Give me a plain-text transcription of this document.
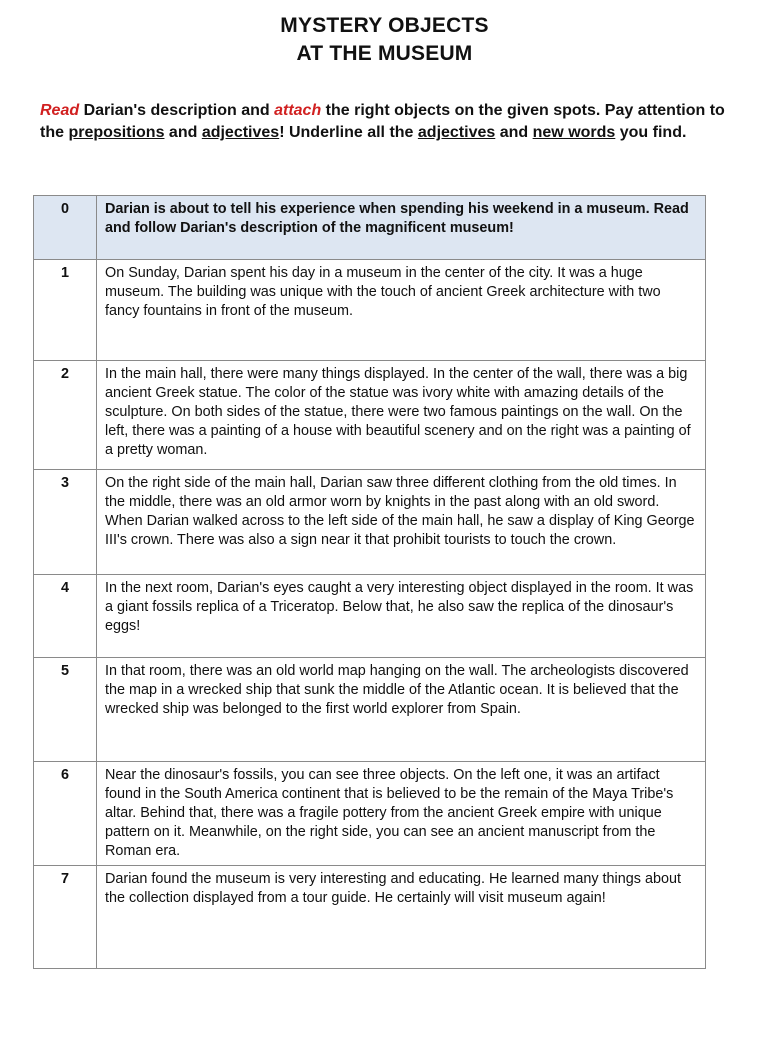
MYSTERY OBJECTS
AT THE MUSEUM
Read Darian's description and attach the right objects on the given spots. Pay attention to the prepositions and adjectives! Underline all the adjectives and new words you find.
0	Darian is about to tell his experience when spending his weekend in a museum. Read and follow Darian's description of the magnificent museum!
1	On Sunday, Darian spent his day in a museum in the center of the city. It was a huge museum. The building was unique with the touch of ancient Greek architecture with two fancy fountains in front of the museum.
2	In the main hall, there were many things displayed. In the center of the wall, there was a big ancient Greek statue. The color of the statue was ivory white with amazing details of the sculpture. On both sides of the statue, there were two famous paintings on the wall. On the left, there was a painting of a house with beautiful scenery and on the right was a painting of a pretty woman.
3	On the right side of the main hall, Darian saw three different clothing from the old times. In the middle, there was an old armor worn by knights in the past along with an old sword. When Darian walked across to the left side of the main hall, he saw a display of King George III's crown. There was also a sign near it that prohibit tourists to touch the crown.
4	In the next room, Darian's eyes caught a very interesting object displayed in the room. It was a giant fossils replica of a Triceratop. Below that, he also saw the replica of the dinosaur's eggs!
5	In that room, there was an old world map hanging on the wall. The archeologists discovered the map in a wrecked ship that sunk the middle of the Atlantic ocean. It is believed that the wrecked ship was belonged to the first world explorer from Spain.
6	Near the dinosaur's fossils, you can see three objects. On the left one, it was an artifact found in the South America continent that is believed to be the remain of the Maya Tribe's altar. Behind that, there was a fragile pottery from the ancient Greek empire with unique pattern on it. Meanwhile, on the right side, you can see an ancient manuscript from the Roman era.
7	Darian found the museum is very interesting and educating. He learned many things about the collection displayed from a tour guide. He certainly will visit museum again!
